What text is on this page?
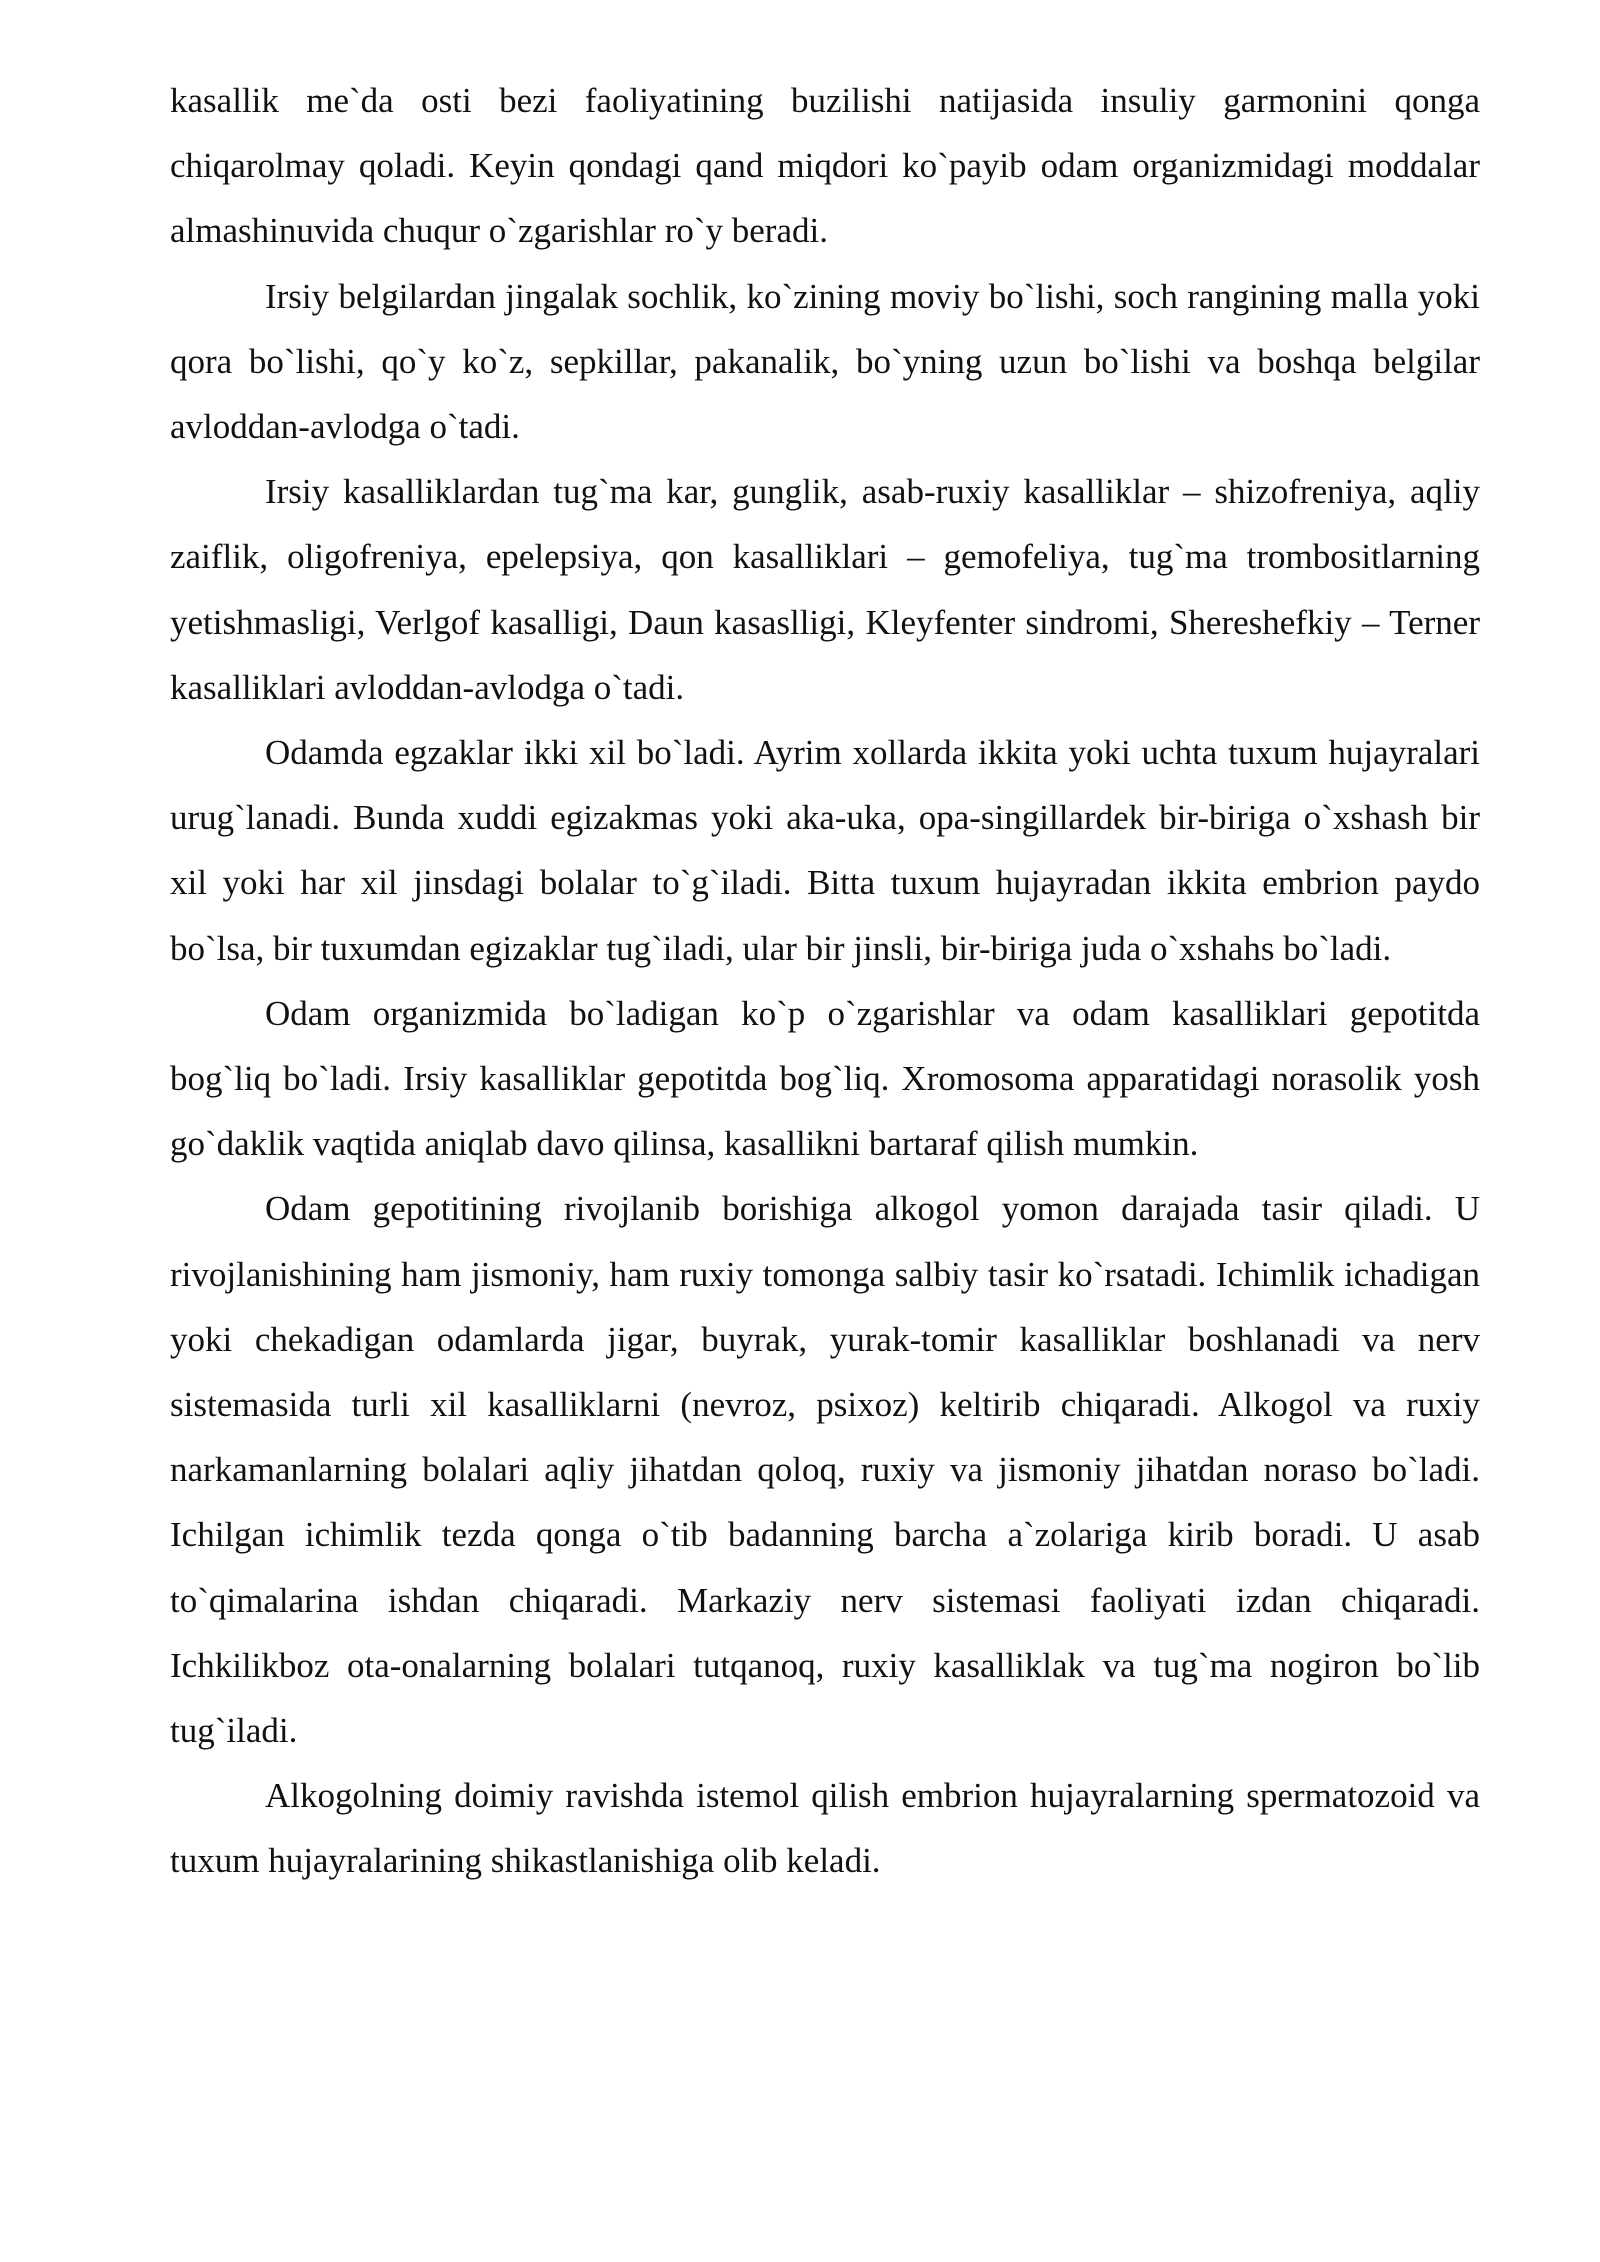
kasallik me`da osti bezi faoliyatining buzilishi natijasida insuliy garmonini qonga chiqarolmay qoladi. Keyin qondagi qand miqdori ko`payib odam organizmidagi moddalar almashinuvida chuqur o`zgarishlar ro`y beradi.

Irsiy belgilardan jingalak sochlik, ko`zining moviy bo`lishi, soch rangining malla yoki qora bo`lishi, qo`y ko`z, sepkillar, pakanalik, bo`yning uzun bo`lishi va boshqa belgilar avloddan-avlodga o`tadi.

Irsiy kasalliklardan tug`ma kar, gunglik, asab-ruxiy kasalliklar – shizofreniya, aqliy zaiflik, oligofreniya, epelepsiya, qon kasalliklari – gemofeliya, tug`ma trombositlarning yetishmasligi, Verlgof kasalligi, Daun kasaslligi, Kleyfenter sindromi, Shereshefkiy – Terner kasalliklari avloddan-avlodga o`tadi.

Odamda egzaklar ikki xil bo`ladi. Ayrim xollarda ikkita yoki uchta tuxum hujayralari urug`lanadi. Bunda xuddi egizakmas yoki aka-uka, opa-singillardek bir-biriga o`xshash bir xil yoki har xil jinsdagi bolalar to`g`iladi. Bitta tuxum hujayradan ikkita embrion paydo bo`lsa, bir tuxumdan egizaklar tug`iladi, ular bir jinsli, bir-biriga juda o`xshahs bo`ladi.

Odam organizmida bo`ladigan ko`p o`zgarishlar va odam kasalliklari gepotitda bog`liq bo`ladi. Irsiy kasalliklar gepotitda bog`liq. Xromosoma apparatidagi norasolik yosh go`daklik vaqtida aniqlab davo qilinsa, kasallikni bartaraf qilish mumkin.

Odam gepotitining rivojlanib borishiga alkogol yomon darajada tasir qiladi. U rivojlanishining ham jismoniy, ham ruxiy tomonga salbiy tasir ko`rsatadi. Ichimlik ichadigan yoki chekadigan odamlarda jigar, buyrak, yurak-tomir kasalliklar boshlanadi va nerv sistemasida turli xil kasalliklarni (nevroz, psixoz) keltirib chiqaradi. Alkogol va ruxiy narkamanlarning bolalari aqliy jihatdan qoloq, ruxiy va jismoniy jihatdan noraso bo`ladi. Ichilgan ichimlik tezda qonga o`tib badanning barcha a`zolariga kirib boradi. U asab to`qimalarina ishdan chiqaradi. Markaziy nerv sistemasi faoliyati izdan chiqaradi. Ichkilikboz ota-onalarning bolalari tutqanoq, ruxiy kasalliklak va tug`ma nogiron bo`lib tug`iladi.

Alkogolning doimiy ravishda istemol qilish embrion hujayralarning spermatozoid va tuxum hujayralarining shikastlanishiga olib keladi.
